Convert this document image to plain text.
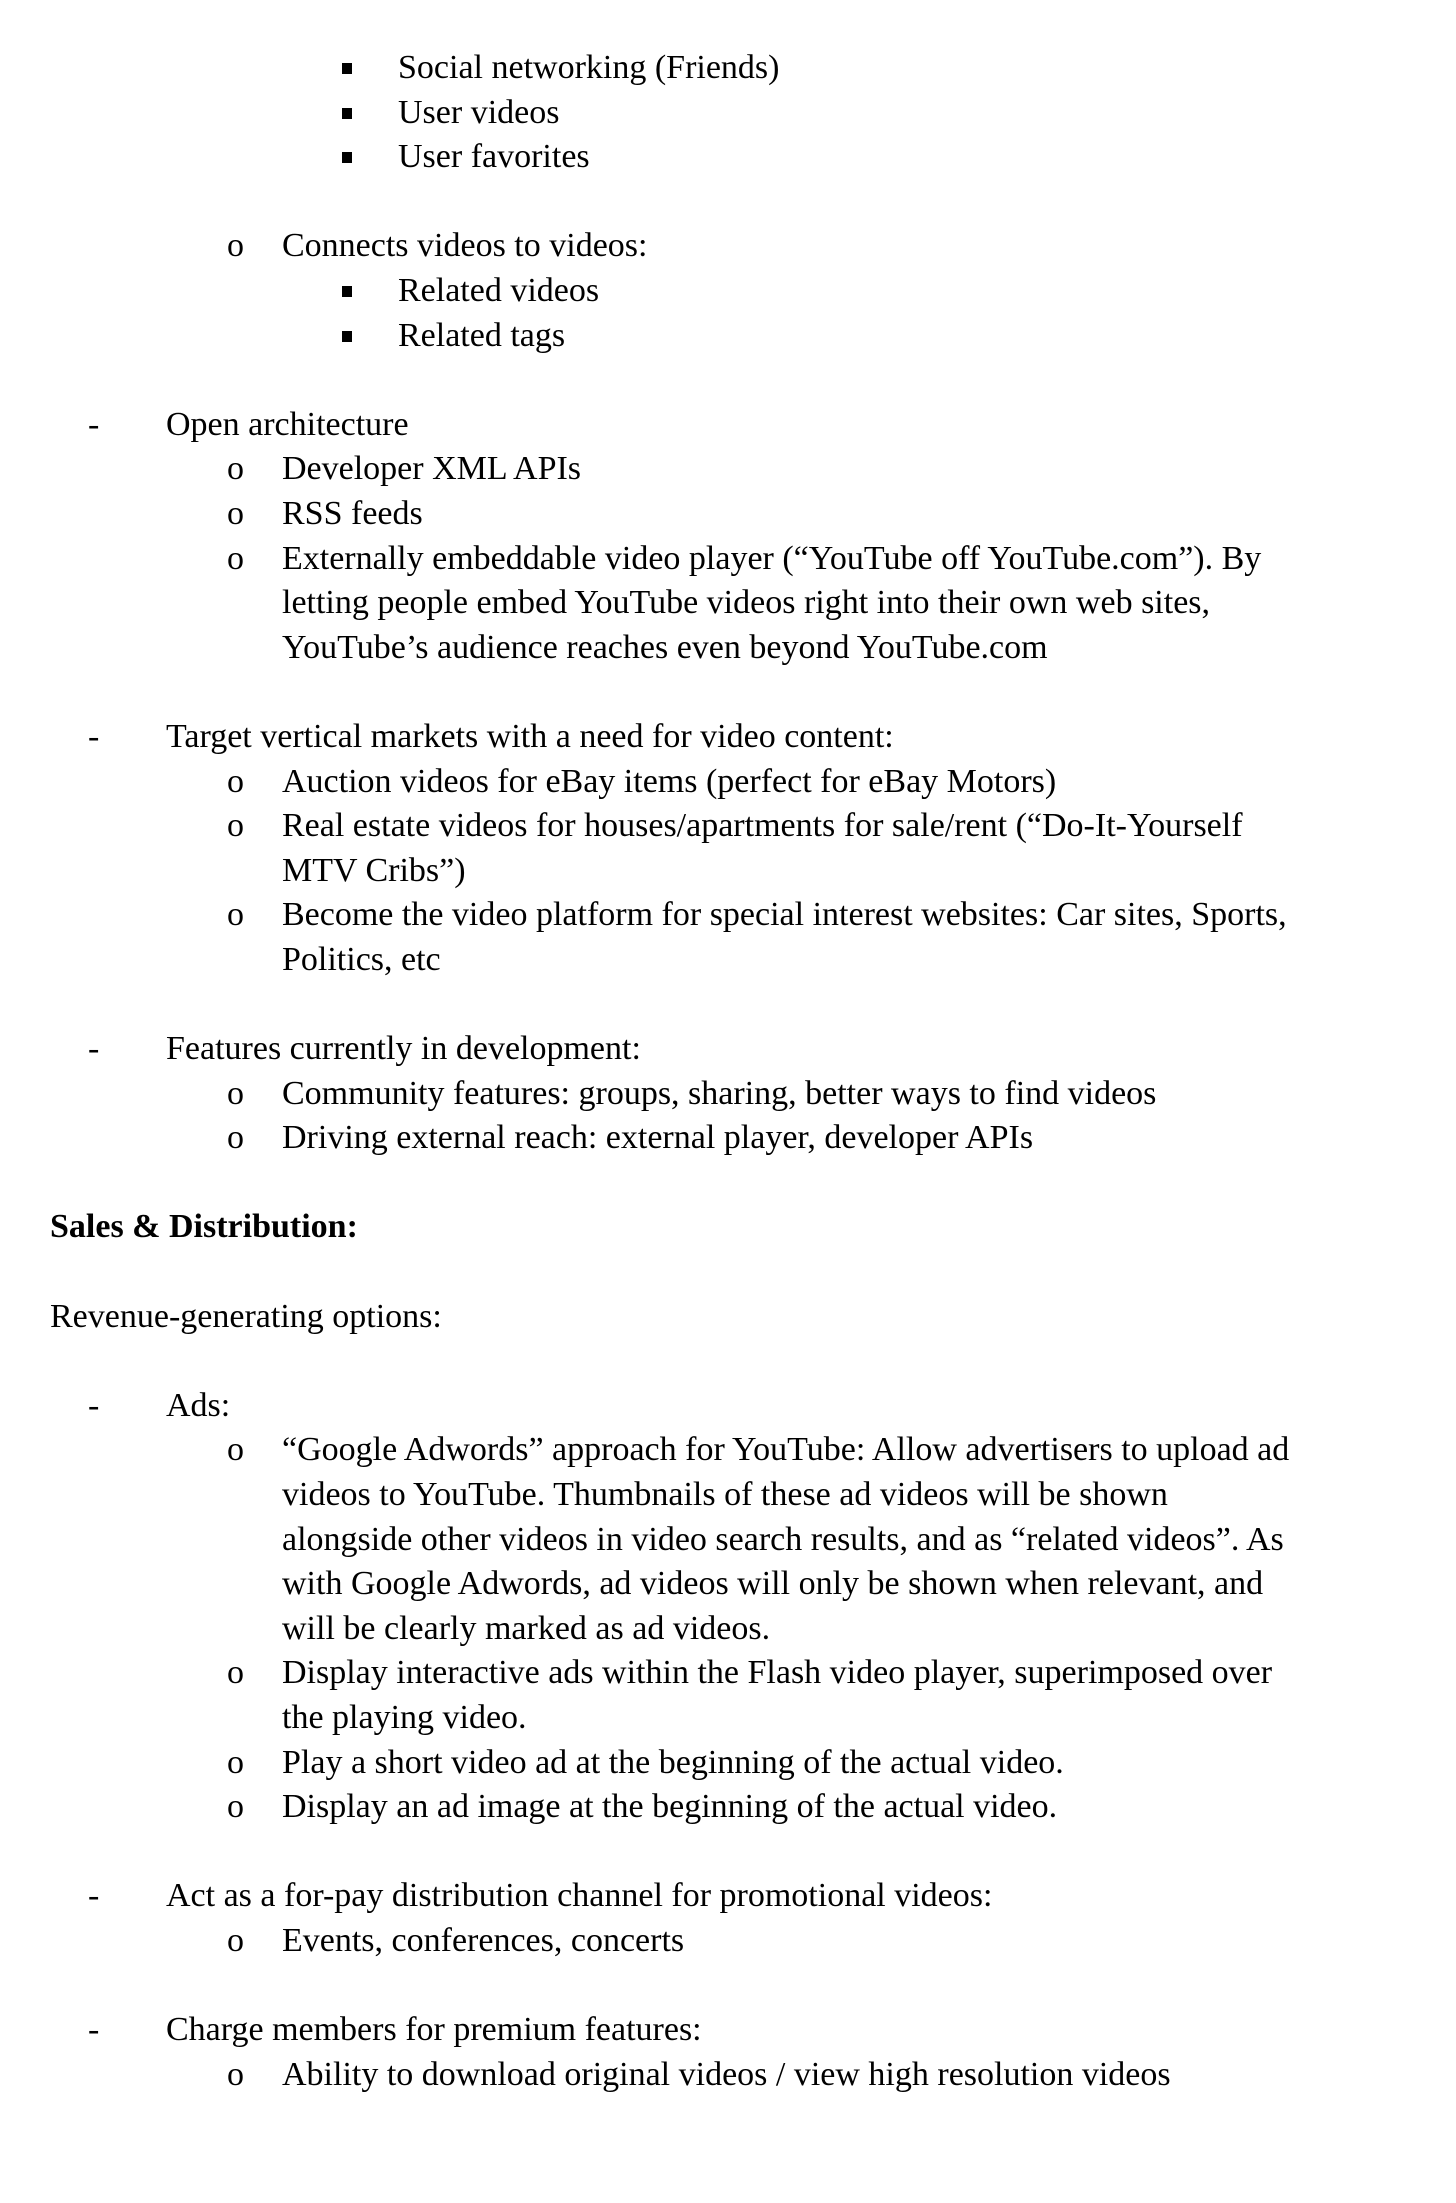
Social networking (Friends)
User videos
User favorites
o Connects videos to videos:
Related videos
Related tags
- Open architecture
o Developer XML APIs
o RSS feeds
o Externally embeddable video player (“YouTube off YouTube.com”). By
letting people embed YouTube videos right into their own web sites,
YouTube’s audience reaches even beyond YouTube.com
- Target vertical markets with a need for video content:
o Auction videos for eBay items (perfect for eBay Motors)
o Real estate videos for houses/apartments for sale/rent (“Do-It-Yourself
MTV Cribs”)
o Become the video platform for special interest websites: Car sites, Sports,
Politics, etc
- Features currently in development:
o Community features: groups, sharing, better ways to find videos
o Driving external reach: external player, developer APIs
Sales & Distribution:
Revenue-generating options:
- Ads:
o “Google Adwords” approach for YouTube: Allow advertisers to upload ad
videos to YouTube. Thumbnails of these ad videos will be shown
alongside other videos in video search results, and as “related videos”. As
with Google Adwords, ad videos will only be shown when relevant, and
will be clearly marked as ad videos.
o Display interactive ads within the Flash video player, superimposed over
the playing video.
o Play a short video ad at the beginning of the actual video.
o Display an ad image at the beginning of the actual video.
- Act as a for-pay distribution channel for promotional videos:
o Events, conferences, concerts
- Charge members for premium features:
o Ability to download original videos / view high resolution videos
